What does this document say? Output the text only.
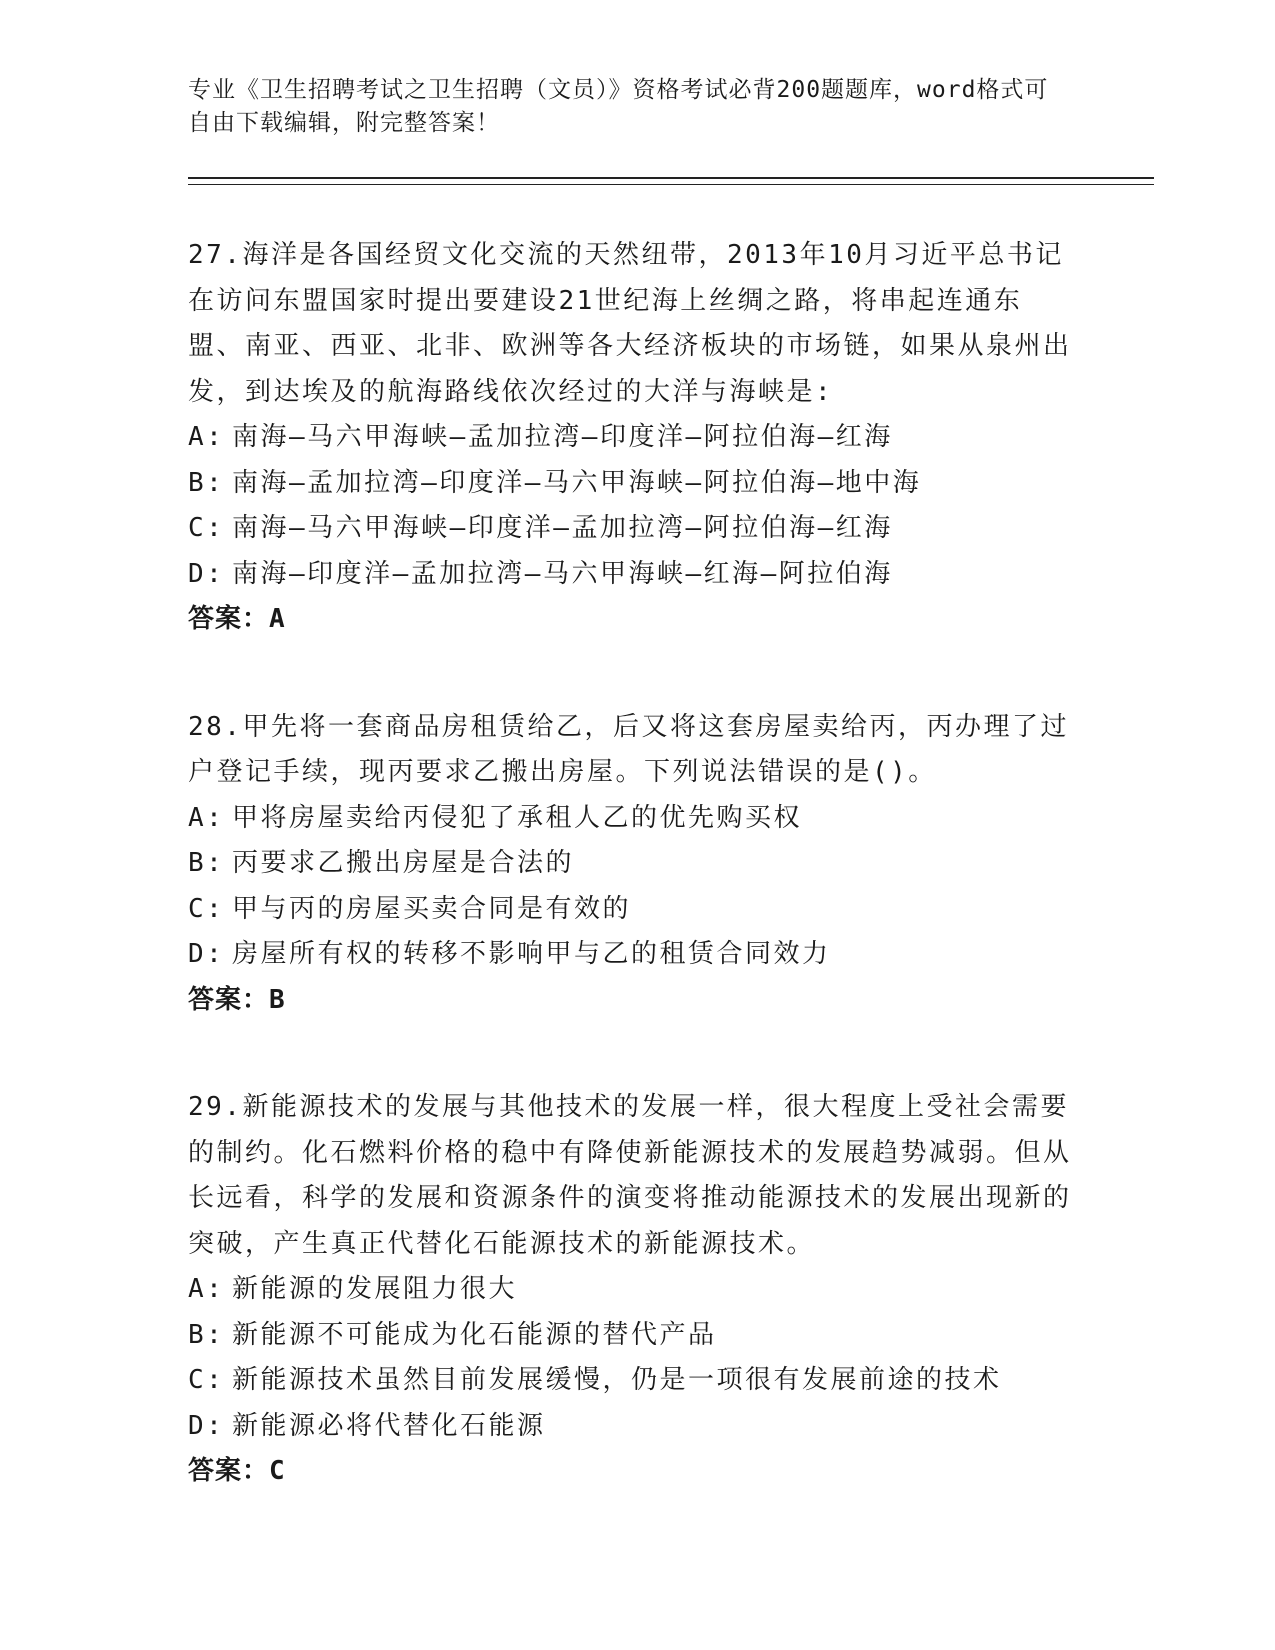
专业《卫生招聘考试之卫生招聘（文员）》资格考试必背200题题库，word格式可自由下载编辑，附完整答案！

27.海洋是各国经贸文化交流的天然纽带，2013年10月习近平总书记在访问东盟国家时提出要建设21世纪海上丝绸之路，将串起连通东盟、南亚、西亚、北非、欧洲等各大经济板块的市场链，如果从泉州出发，到达埃及的航海路线依次经过的大洋与海峡是:

A: 南海—马六甲海峡—孟加拉湾—印度洋—阿拉伯海—红海

B: 南海—孟加拉湾—印度洋—马六甲海峡—阿拉伯海—地中海

C: 南海—马六甲海峡—印度洋—孟加拉湾—阿拉伯海—红海

D: 南海—印度洋—孟加拉湾—马六甲海峡—红海—阿拉伯海

答案：A

28.甲先将一套商品房租赁给乙，后又将这套房屋卖给丙，丙办理了过户登记手续，现丙要求乙搬出房屋。下列说法错误的是()。

A: 甲将房屋卖给丙侵犯了承租人乙的优先购买权

B: 丙要求乙搬出房屋是合法的

C: 甲与丙的房屋买卖合同是有效的

D: 房屋所有权的转移不影响甲与乙的租赁合同效力

答案：B

29.新能源技术的发展与其他技术的发展一样，很大程度上受社会需要的制约。化石燃料价格的稳中有降使新能源技术的发展趋势减弱。但从长远看，科学的发展和资源条件的演变将推动能源技术的发展出现新的突破，产生真正代替化石能源技术的新能源技术。

A: 新能源的发展阻力很大

B: 新能源不可能成为化石能源的替代产品

C: 新能源技术虽然目前发展缓慢，仍是一项很有发展前途的技术

D: 新能源必将代替化石能源

答案：C
